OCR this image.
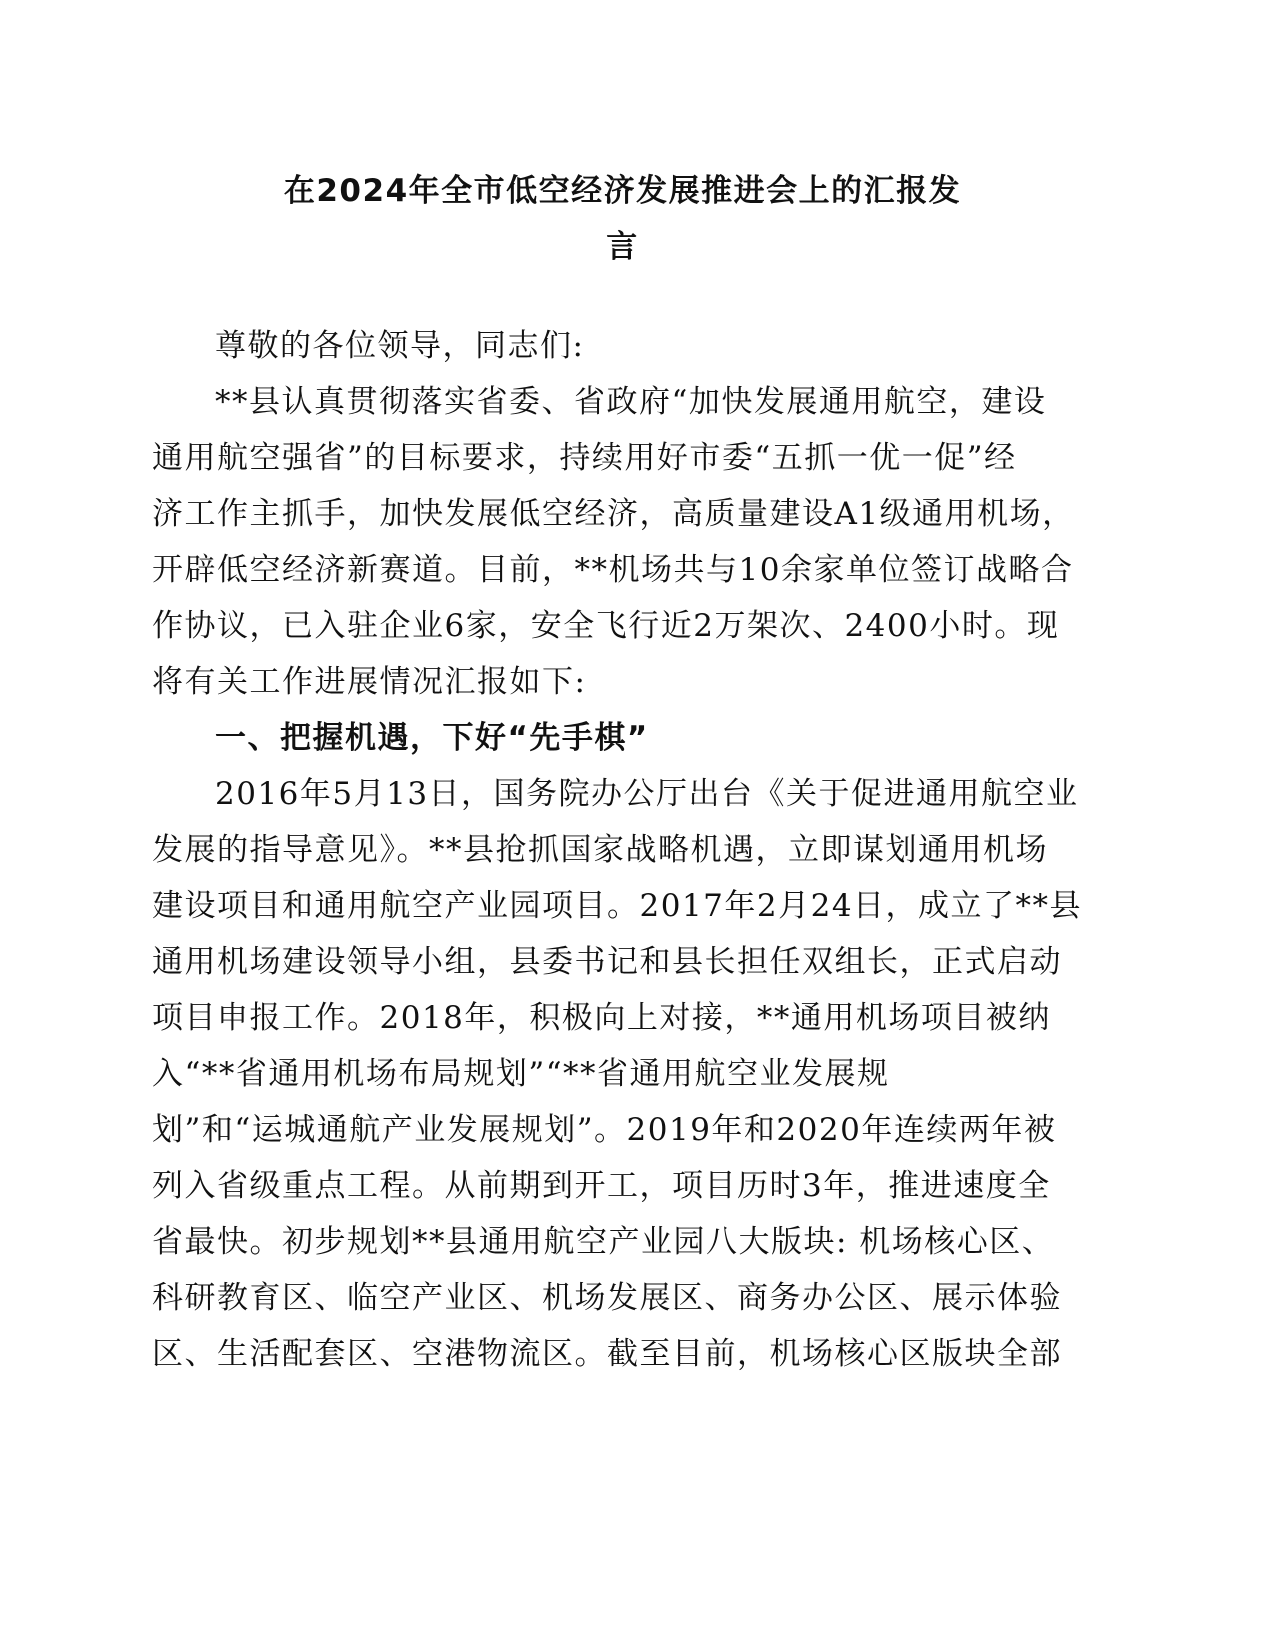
在2024年全市低空经济发展推进会上的汇报发
言
尊敬的各位领导，同志们:
**县认真贯彻落实省委、省政府“加快发展通用航空，建设
通用航空强省”的目标要求，持续用好市委“五抓一优一促”经
济工作主抓手，加快发展低空经济，高质量建设A1级通用机场，
开辟低空经济新赛道。目前，**机场共与10余家单位签订战略合
作协议，已入驻企业6家，安全飞行近2万架次、2400小时。现
将有关工作进展情况汇报如下:
一、把握机遇，下好“先手棋”
2016年5月13日，国务院办公厅出台《关于促进通用航空业
发展的指导意见》。**县抢抓国家战略机遇，立即谋划通用机场
建设项目和通用航空产业园项目。2017年2月24日，成立了**县
通用机场建设领导小组，县委书记和县长担任双组长，正式启动
项目申报工作。2018年，积极向上对接，**通用机场项目被纳
入“**省通用机场布局规划”“**省通用航空业发展规
划”和“运城通航产业发展规划”。2019年和2020年连续两年被
列入省级重点工程。从前期到开工，项目历时3年，推进速度全
省最快。初步规划**县通用航空产业园八大版块: 机场核心区、
科研教育区、临空产业区、机场发展区、商务办公区、展示体验
区、生活配套区、空港物流区。截至目前，机场核心区版块全部
